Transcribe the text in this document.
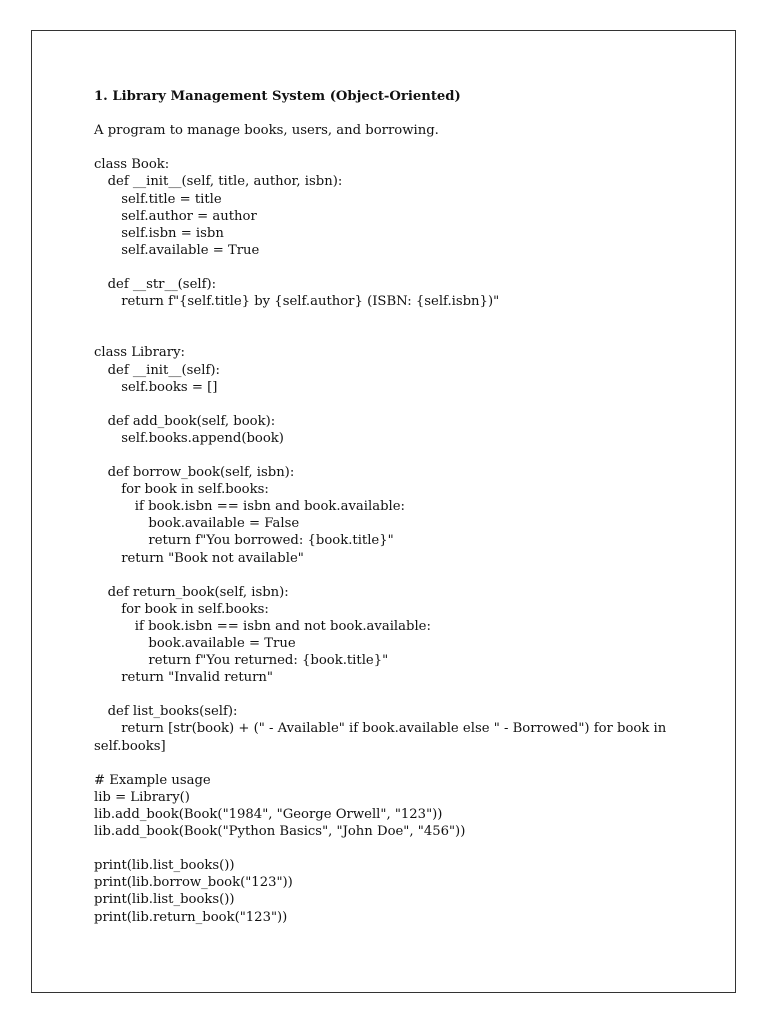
1. Library Management System (Object-Oriented)

A program to manage books, users, and borrowing.

class Book:
def __init__(self, title, author, isbn):
self.title = title
self.author = author
self.isbn = isbn
self.available = True
def __str__(self):
return f"{self.title} by {self.author} (ISBN: {self.isbn})"
class Library:
def __init__(self):
self.books = []
def add_book(self, book):
self.books.append(book)
def borrow_book(self, isbn):
for book in self.books:
if book.isbn == isbn and book.available:
book.available = False
return f"You borrowed: {book.title}"
return "Book not available"
def return_book(self, isbn):
for book in self.books:
if book.isbn == isbn and not book.available:
book.available = True
return f"You returned: {book.title}"
return "Invalid return"
def list_books(self):
return [str(book) + (" - Available" if book.available else " - Borrowed") for book in
self.books]
# Example usage
lib = Library()
lib.add_book(Book("1984", "George Orwell", "123"))
lib.add_book(Book("Python Basics", "John Doe", "456"))
print(lib.list_books())
print(lib.borrow_book("123"))
print(lib.list_books())
print(lib.return_book("123"))
